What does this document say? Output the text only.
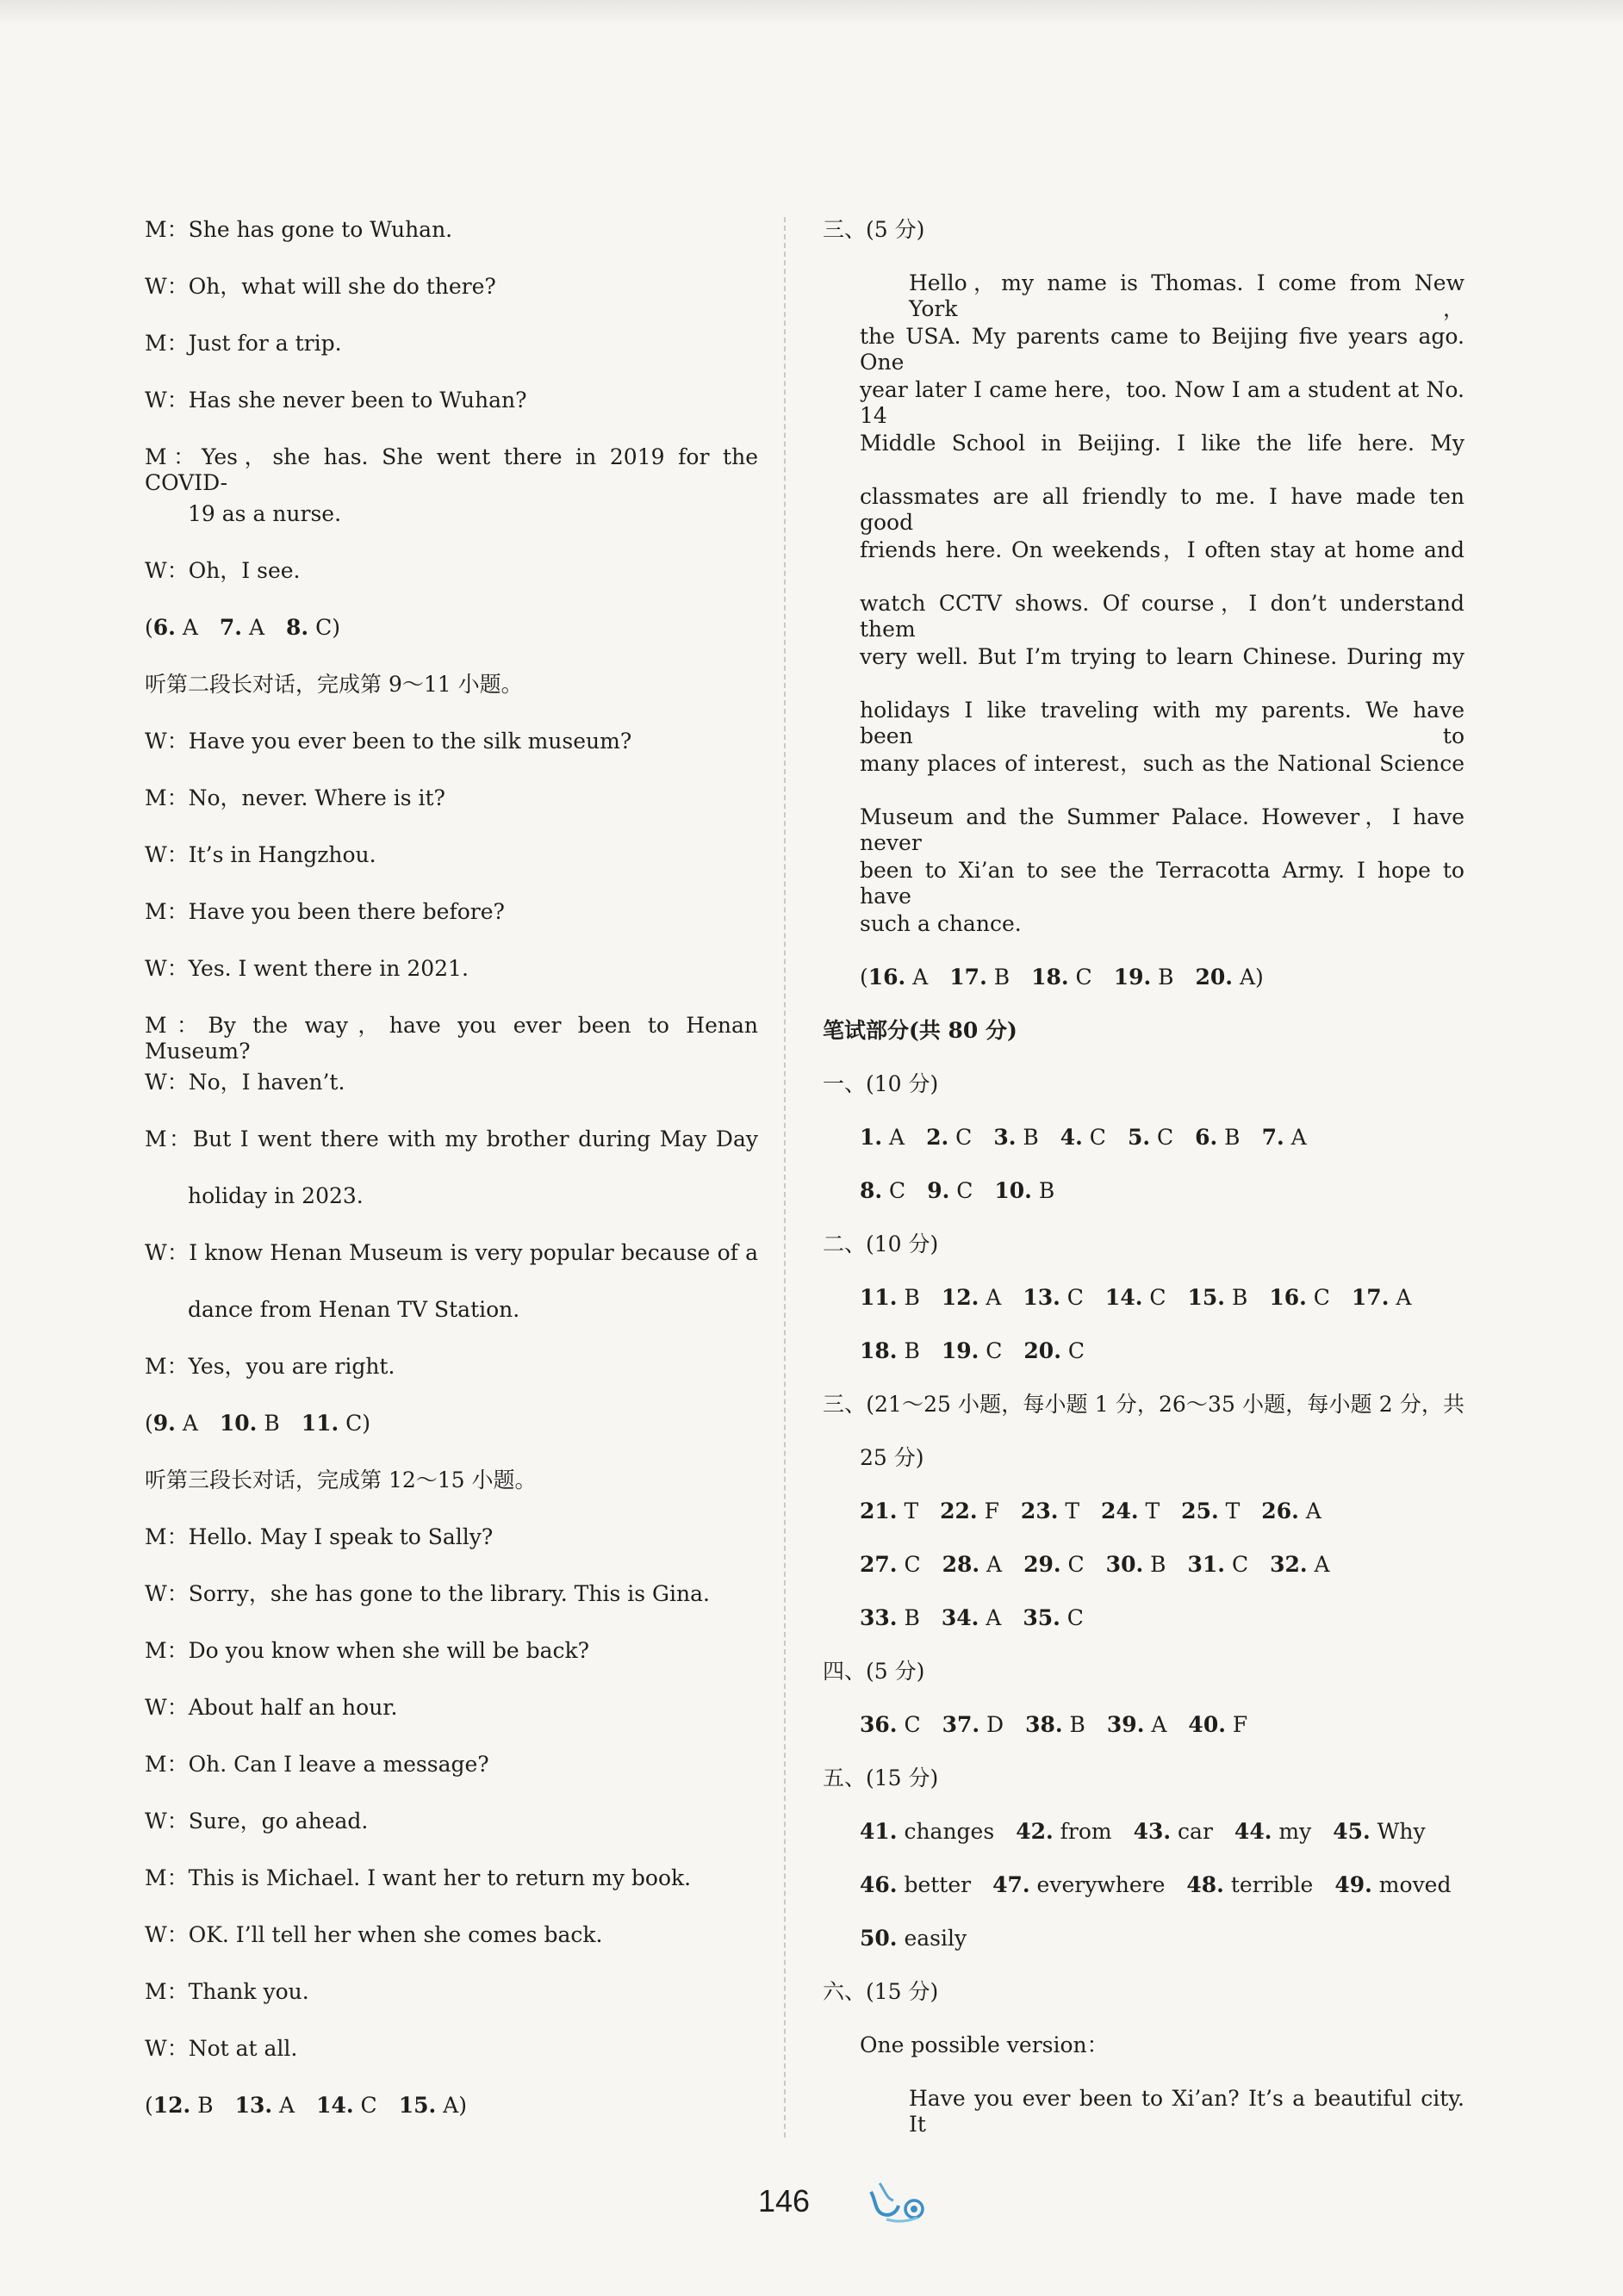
M：She has gone to Wuhan.
W：Oh，what will she do there?
M：Just for a trip.
W：Has she never been to Wuhan?
M：Yes，she has. She went there in 2019 for the COVID-
19 as a nurse.
W：Oh，I see.
(6. A　7. A　8. C)
听第二段长对话，完成第 9～11 小题。
W：Have you ever been to the silk museum?
M：No，never. Where is it?
W：It’s in Hangzhou.
M：Have you been there before?
W：Yes. I went there in 2021.
M：By the way，have you ever been to Henan Museum?
W：No，I haven’t.
M：But I went there with my brother during May Day
holiday in 2023.
W：I know Henan Museum is very popular because of a
dance from Henan TV Station.
M：Yes，you are right.
(9. A　10. B　11. C)
听第三段长对话，完成第 12～15 小题。
M：Hello. May I speak to Sally?
W：Sorry，she has gone to the library. This is Gina.
M：Do you know when she will be back?
W：About half an hour.
M：Oh. Can I leave a message?
W：Sure，go ahead.
M：This is Michael. I want her to return my book.
W：OK. I’ll tell her when she comes back.
M：Thank you.
W：Not at all.
(12. B　13. A　14. C　15. A)
三、(5 分)
Hello，my name is Thomas. I come from New York，
the USA. My parents came to Beijing five years ago. One
year later I came here，too. Now I am a student at No. 14
Middle School in Beijing. I like the life here. My
classmates are all friendly to me. I have made ten good
friends here. On weekends，I often stay at home and
watch CCTV shows. Of course，I don’t understand them
very well. But I’m trying to learn Chinese. During my
holidays I like traveling with my parents. We have been to
many places of interest，such as the National Science
Museum and the Summer Palace. However，I have never
been to Xi’an to see the Terracotta Army. I hope to have
such a chance.
(16. A　17. B　18. C　19. B　20. A)
笔试部分(共 80 分)
一、(10 分)
1. A　2. C　3. B　4. C　5. C　6. B　7. A
8. C　9. C　10. B
二、(10 分)
11. B　12. A　13. C　14. C　15. B　16. C　17. A
18. B　19. C　20. C
三、(21～25 小题，每小题 1 分，26～35 小题，每小题 2 分，共
25 分)
21. T　22. F　23. T　24. T　25. T　26. A
27. C　28. A　29. C　30. B　31. C　32. A
33. B　34. A　35. C
四、(5 分)
36. C　37. D　38. B　39. A　40. F
五、(15 分)
41. changes　42. from　43. car　44. my　45. Why
46. better　47. everywhere　48. terrible　49. moved
50. easily
六、(15 分)
One possible version：
Have you ever been to Xi’an? It’s a beautiful city. It
146
